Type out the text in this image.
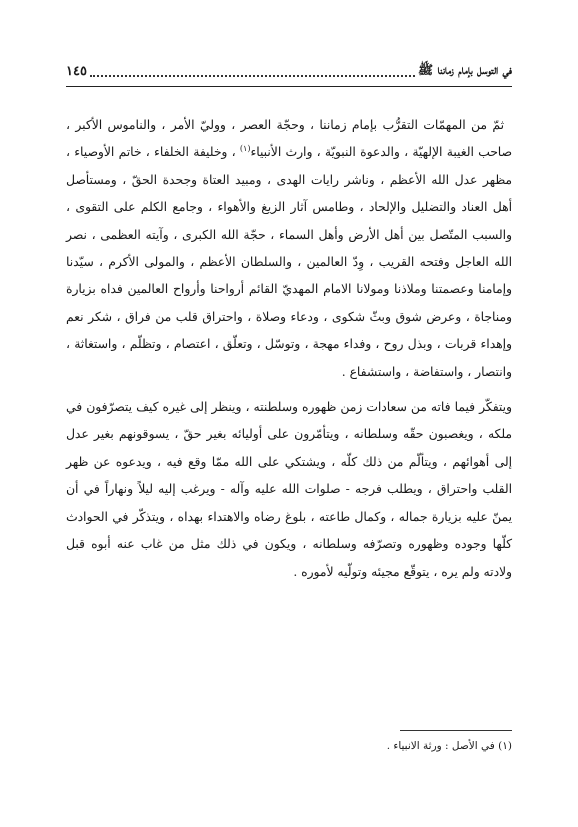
في التوسل بإمام زماننا ﷺ
١٤٥

ثمّ من المهمّات التقرُّب بإمام زماننا ، وحجّة العصر ، ووليّ الأمر ، والناموس الأكبر ، صاحب الغيبة الإلهيّة ، والدعوة النبويّة ، وارث الأنبياء$^{(١)}$ ، وخليفة الخلفاء ، خاتم الأوصياء ، مظهر عدل الله الأعظم ، وناشر رايات الهدى ، ومبيد العتاة وجحدة الحقّ ، ومستأصل أهل العناد والتضليل والإلحاد ، وطامس آثار الزيغ والأهواء ، وجامع الكلم على التقوى ، والسبب المتّصل بين أهل الأرض وأهل السماء ، حجّة الله الكبرى ، وآيته العظمى ، نصر الله العاجل وفتحه القريب ، وِدّ العالمين ، والسلطان الأعظم ، والمولى الأكرم ، سيّدنا وإمامنا وعصمتنا وملاذنا ومولانا الامام المهديّ القائم أرواحنا وأرواح العالمين فداه بزيارة ومناجاة ، وعرض شوق وبثّ شكوى ، ودعاء وصلاة ، واحتراق قلب من فراق ، شكر نعم وإهداء قربات ، وبذل روح ، وفداء مهجة ، وتوسّل ، وتعلّق ، اعتصام ، وتظلّم ، واستغاثة ، وانتصار ، واستفاضة ، واستشفاع .

ويتفكّر فيما فاته من سعادات زمن ظهوره وسلطنته ، وينظر إلى غيره كيف يتصرّفون في ملكه ، ويغصبون حقّه وسلطانه ، ويتأمّرون على أوليائه بغير حقّ ، يسوقونهم بغير عدل إلى أهوائهم ، ويتألّم من ذلك كلّه ، ويشتكي على الله ممّا وقع فيه ، ويدعوه عن ظهر القلب واحتراق ، ويطلب فرجه - صلوات الله عليه وآله - ويرغب إليه ليلاً ونهاراً في أن يمنّ عليه بزيارة جماله ، وكمال طاعته ، بلوغ رضاه والاهتداء بهداه ، ويتذكّر في الحوادث كلّها وجوده وظهوره وتصرّفه وسلطانه ، ويكون في ذلك مثل من غاب عنه أبوه قبل ولادته ولم يره ، يتوقّع مجيئه وتولّيه لأموره .

(١) في الأصل : ورثة الانبياء .
